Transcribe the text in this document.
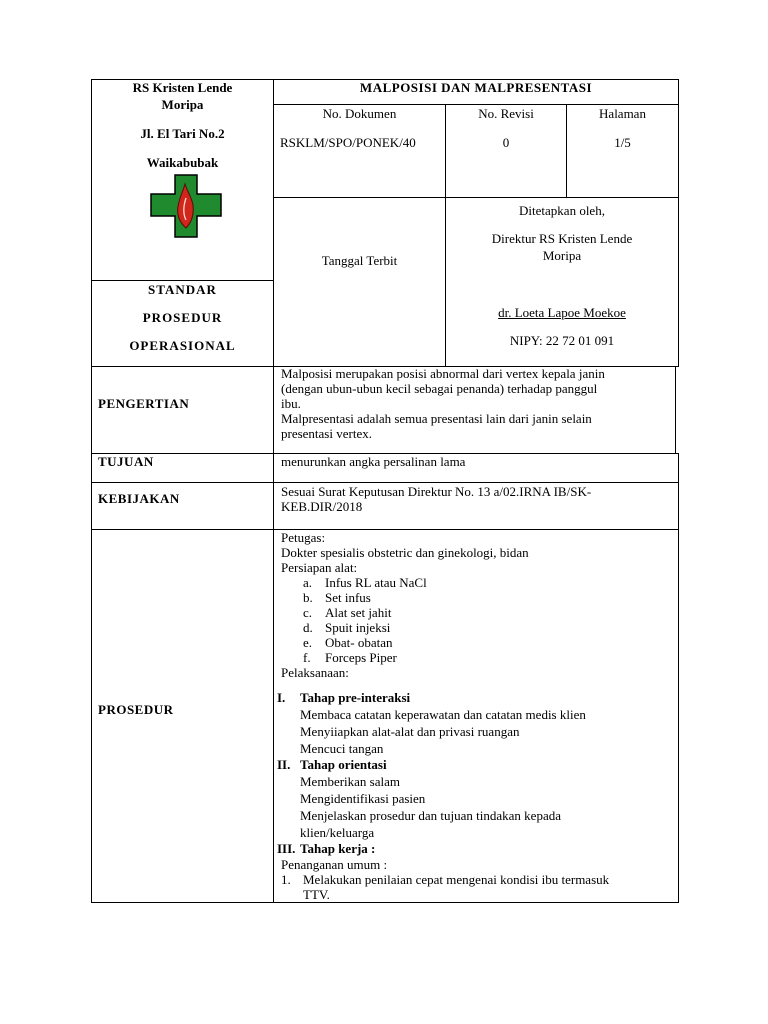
RS Kristen Lende
Moripa
Jl. El Tari No.2
Waikabubak
STANDAR
PROSEDUR
OPERASIONAL
MALPOSISI DAN MALPRESENTASI
No. Dokumen
RSKLM/SPO/PONEK/40
No. Revisi
0
Halaman
1/5
Tanggal Terbit
Ditetapkan oleh,
Direktur RS Kristen Lende
Moripa
dr. Loeta Lapoe Moekoe
NIPY: 22 72 01 091
PENGERTIAN
Malposisi merupakan posisi abnormal dari vertex kepala janin
(dengan ubun-ubun kecil sebagai penanda) terhadap panggul
ibu.
Malpresentasi adalah semua presentasi lain dari janin selain
presentasi vertex.
TUJUAN	menurunkan angka persalinan lama
KEBIJAKAN	Sesuai Surat Keputusan Direktur No. 13 a/02.IRNA IB/SK-
KEB.DIR/2018
PROSEDUR
Petugas:
Dokter spesialis obstetric dan ginekologi, bidan
Persiapan alat:
a. Infus RL atau NaCl
b. Set infus
c. Alat set jahit
d. Spuit injeksi
e. Obat- obatan
f. Forceps Piper
Pelaksanaan:
I. Tahap pre-interaksi
Membaca catatan keperawatan dan catatan medis klien
Menyiiapkan alat-alat dan privasi ruangan
Mencuci tangan
II. Tahap orientasi
Memberikan salam
Mengidentifikasi pasien
Menjelaskan prosedur dan tujuan tindakan kepada
klien/keluarga
III. Tahap kerja :
Penanganan umum :
1. Melakukan penilaian cepat mengenai kondisi ibu termasuk
TTV.
